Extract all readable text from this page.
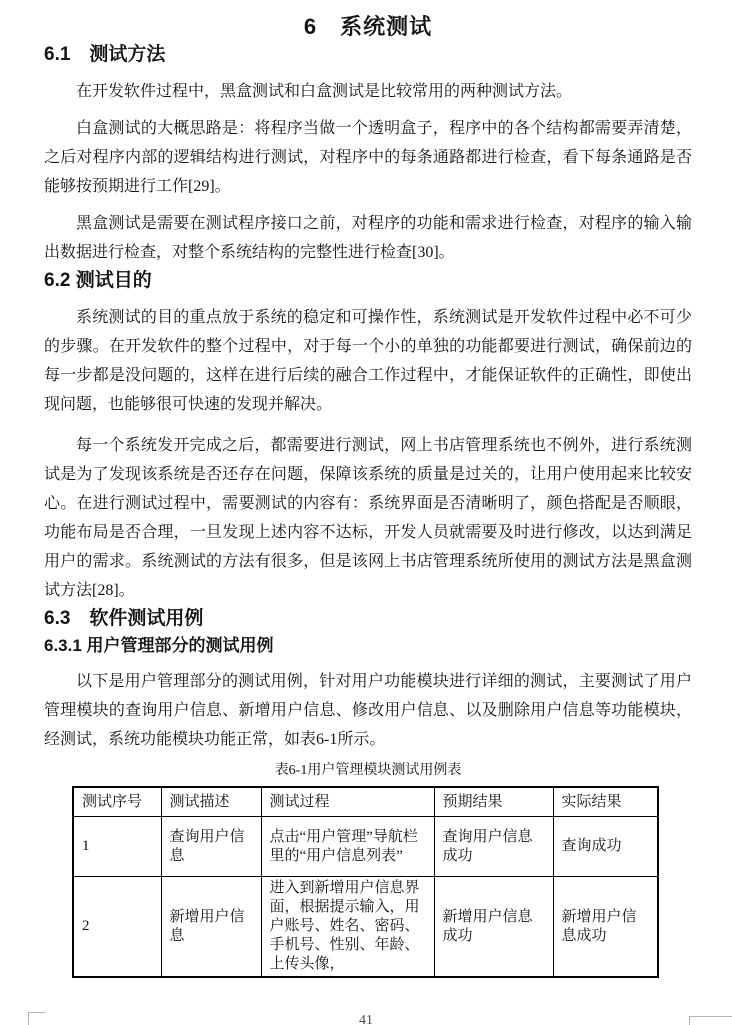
6　系统测试
6.1　测试方法

在开发软件过程中，黑盒测试和白盒测试是比较常用的两种测试方法。

白盒测试的大概思路是：将程序当做一个透明盒子，程序中的各个结构都需要弄清楚，之后对程序内部的逻辑结构进行测试，对程序中的每条通路都进行检查，看下每条通路是否能够按预期进行工作[29]。

黑盒测试是需要在测试程序接口之前，对程序的功能和需求进行检查，对程序的输入输出数据进行检查，对整个系统结构的完整性进行检查[30]。

6.2 测试目的

系统测试的目的重点放于系统的稳定和可操作性，系统测试是开发软件过程中必不可少的步骤。在开发软件的整个过程中，对于每一个小的单独的功能都要进行测试，确保前边的每一步都是没问题的，这样在进行后续的融合工作过程中，才能保证软件的正确性，即使出现问题，也能够很可快速的发现并解决。

每一个系统发开完成之后，都需要进行测试，网上书店管理系统也不例外，进行系统测试是为了发现该系统是否还存在问题，保障该系统的质量是过关的，让用户使用起来比较安心。在进行测试过程中，需要测试的内容有：系统界面是否清晰明了，颜色搭配是否顺眼，功能布局是否合理，一旦发现上述内容不达标，开发人员就需要及时进行修改，以达到满足用户的需求。系统测试的方法有很多，但是该网上书店管理系统所使用的测试方法是黑盒测试方法[28]。

6.3　软件测试用例
6.3.1 用户管理部分的测试用例

以下是用户管理部分的测试用例，针对用户功能模块进行详细的测试，主要测试了用户管理模块的查询用户信息、新增用户信息、修改用户信息、以及删除用户信息等功能模块，经测试，系统功能模块功能正常，如表6-1所示。

表6-1用户管理模块测试用例表

测试序号	测试描述	测试过程	预期结果	实际结果
1	查询用户信息	点击“用户管理”导航栏里的“用户信息列表”	查询用户信息成功	查询成功
2	新增用户信息	进入到新增用户信息界面，根据提示输入，用户账号、姓名、密码、手机号、性别、年龄、上传头像，	新增用户信息成功	新增用户信息成功
41
